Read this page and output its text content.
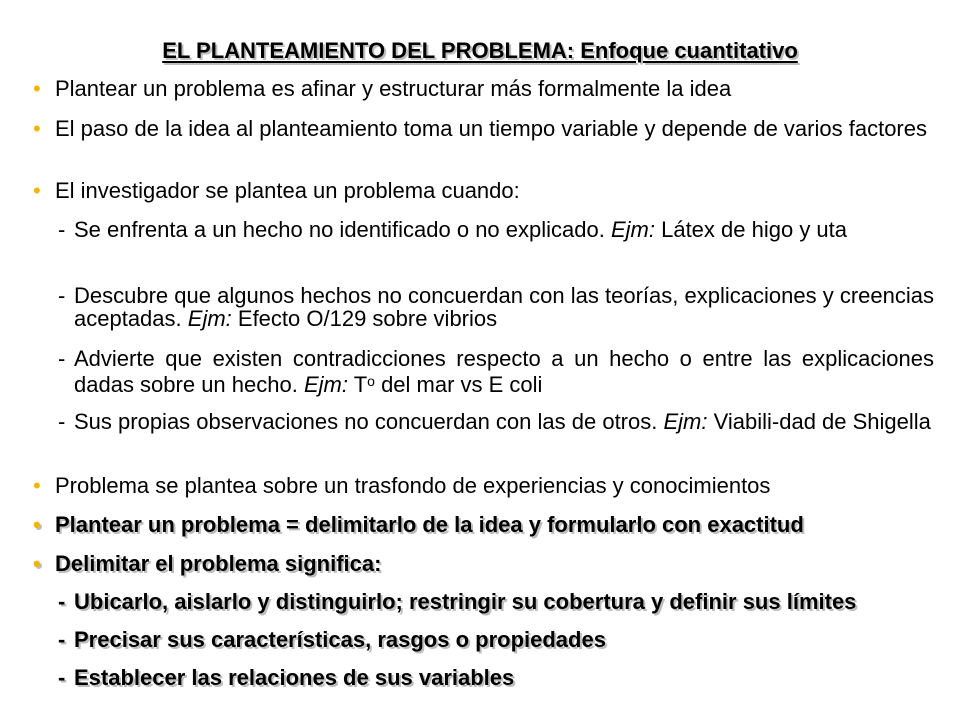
EL PLANTEAMIENTO DEL PROBLEMA: Enfoque cuantitativo
• Plantear un problema es afinar y estructurar más formalmente la idea
• El paso de la idea al planteamiento toma un tiempo variable y depende de varios factores
• El investigador se plantea un problema cuando:
- Se enfrenta a un hecho no identificado o no explicado. Ejm: Látex de higo y uta
- Descubre que algunos hechos no concuerdan con las teorías, explicaciones y creencias aceptadas. Ejm: Efecto O/129 sobre vibrios
- Advierte que existen contradicciones respecto a un hecho o entre las explicaciones dadas sobre un hecho. Ejm: $T^o$ del mar vs E coli
- Sus propias observaciones no concuerdan con las de otros. Ejm: Viabili-dad de Shigella
• Problema se plantea sobre un trasfondo de experiencias y conocimientos
• Plantear un problema = delimitarlo de la idea y formularlo con exactitud
• Delimitar el problema significa:
- Ubicarlo, aislarlo y distinguirlo; restringir su cobertura y definir sus límites
- Precisar sus características, rasgos o propiedades
- Establecer las relaciones de sus variables
